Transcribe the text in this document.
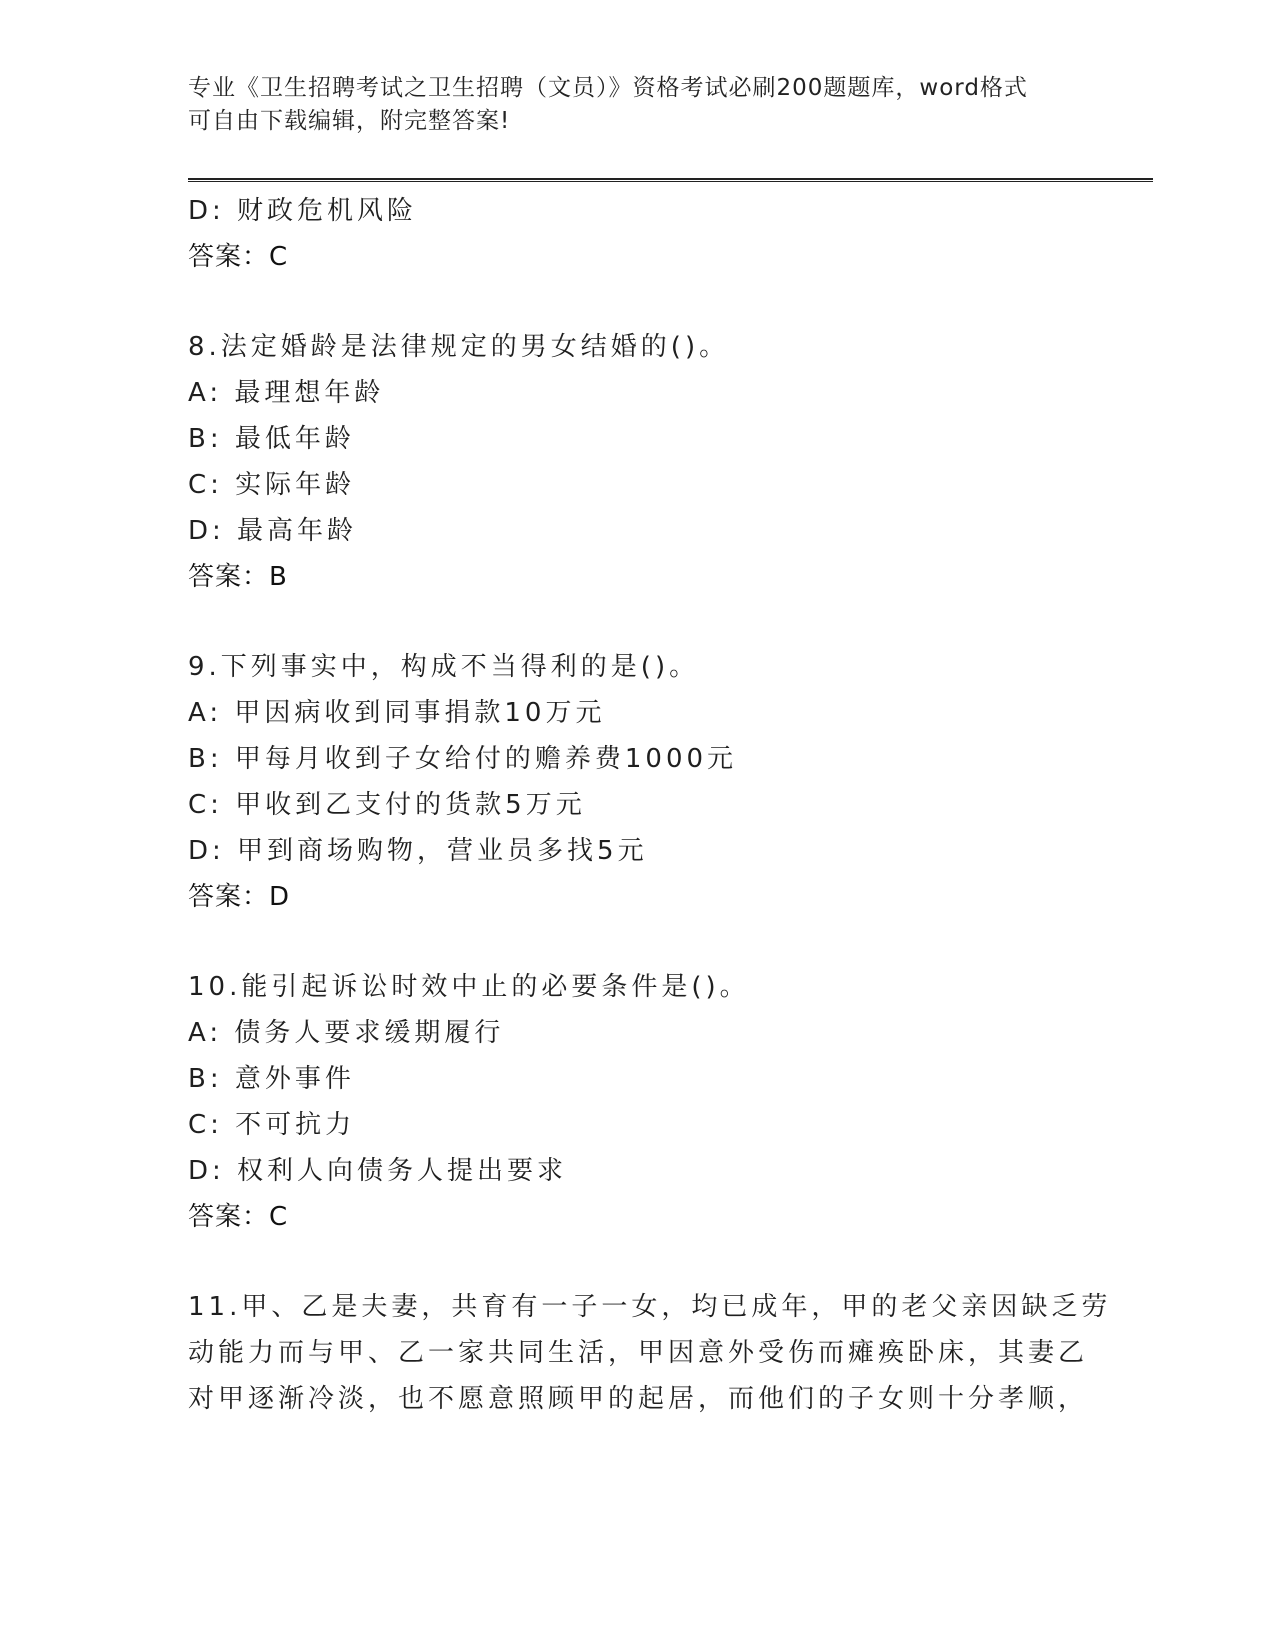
专业《卫生招聘考试之卫生招聘（文员）》资格考试必刷200题题库，word格式
可自由下载编辑，附完整答案!
D: 财政危机风险
答案：C
8.法定婚龄是法律规定的男女结婚的()。
A: 最理想年龄
B: 最低年龄
C: 实际年龄
D: 最高年龄
答案：B
9.下列事实中，构成不当得利的是()。
A: 甲因病收到同事捐款10万元
B: 甲每月收到子女给付的赡养费1000元
C: 甲收到乙支付的货款5万元
D: 甲到商场购物，营业员多找5元
答案：D
10.能引起诉讼时效中止的必要条件是()。
A: 债务人要求缓期履行
B: 意外事件
C: 不可抗力
D: 权利人向债务人提出要求
答案：C
11.甲、乙是夫妻，共育有一子一女，均已成年，甲的老父亲因缺乏劳
动能力而与甲、乙一家共同生活，甲因意外受伤而瘫痪卧床，其妻乙
对甲逐渐冷淡，也不愿意照顾甲的起居，而他们的子女则十分孝顺，
